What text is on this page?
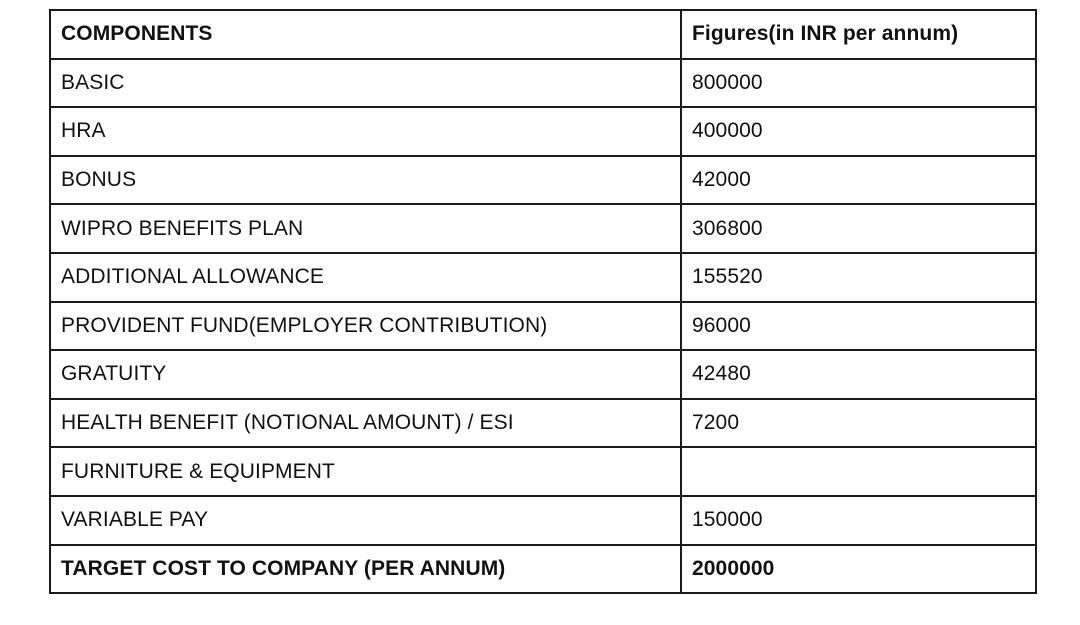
COMPONENTS	Figures(in INR per annum)
BASIC	800000
HRA	400000
BONUS	42000
WIPRO BENEFITS PLAN	306800
ADDITIONAL ALLOWANCE	155520
PROVIDENT FUND(EMPLOYER CONTRIBUTION)	96000
GRATUITY	42480
HEALTH BENEFIT (NOTIONAL AMOUNT) / ESI	7200
FURNITURE & EQUIPMENT	
VARIABLE PAY	150000
TARGET COST TO COMPANY (PER ANNUM)	2000000
